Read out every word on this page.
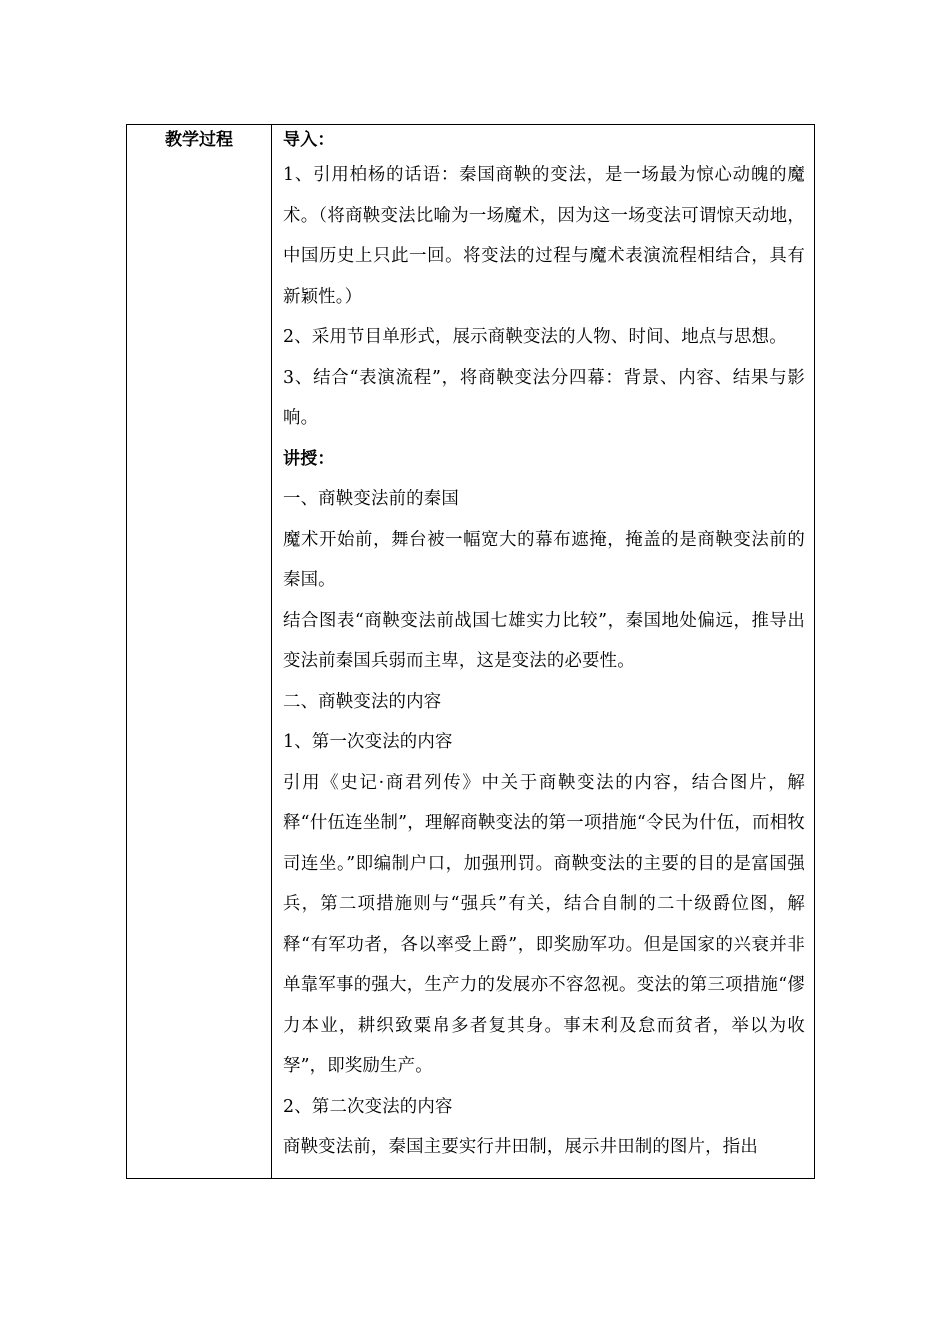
教学过程	导入：

1、引用柏杨的话语：秦国商鞅的变法，是一场最为惊心动魄的魔术。（将商鞅变法比喻为一场魔术，因为这一场变法可谓惊天动地，中国历史上只此一回。将变法的过程与魔术表演流程相结合，具有新颖性。）

2、采用节目单形式，展示商鞅变法的人物、时间、地点与思想。

3、结合“表演流程”，将商鞅变法分四幕：背景、内容、结果与影响。

讲授：

一、商鞅变法前的秦国

魔术开始前，舞台被一幅宽大的幕布遮掩，掩盖的是商鞅变法前的秦国。

结合图表“商鞅变法前战国七雄实力比较”，秦国地处偏远，推导出变法前秦国兵弱而主卑，这是变法的必要性。

二、商鞅变法的内容

1、第一次变法的内容

引用《史记·商君列传》中关于商鞅变法的内容，结合图片，解释“什伍连坐制”，理解商鞅变法的第一项措施“令民为什伍，而相牧司连坐。”即编制户口，加强刑罚。商鞅变法的主要的目的是富国强兵，第二项措施则与“强兵”有关，结合自制的二十级爵位图，解释“有军功者，各以率受上爵”，即奖励军功。但是国家的兴衰并非单靠军事的强大，生产力的发展亦不容忽视。变法的第三项措施“僇力本业，耕织致粟帛多者复其身。事末利及怠而贫者，举以为收孥”，即奖励生产。

2、第二次变法的内容

商鞅变法前，秦国主要实行井田制，展示井田制的图片，指出
